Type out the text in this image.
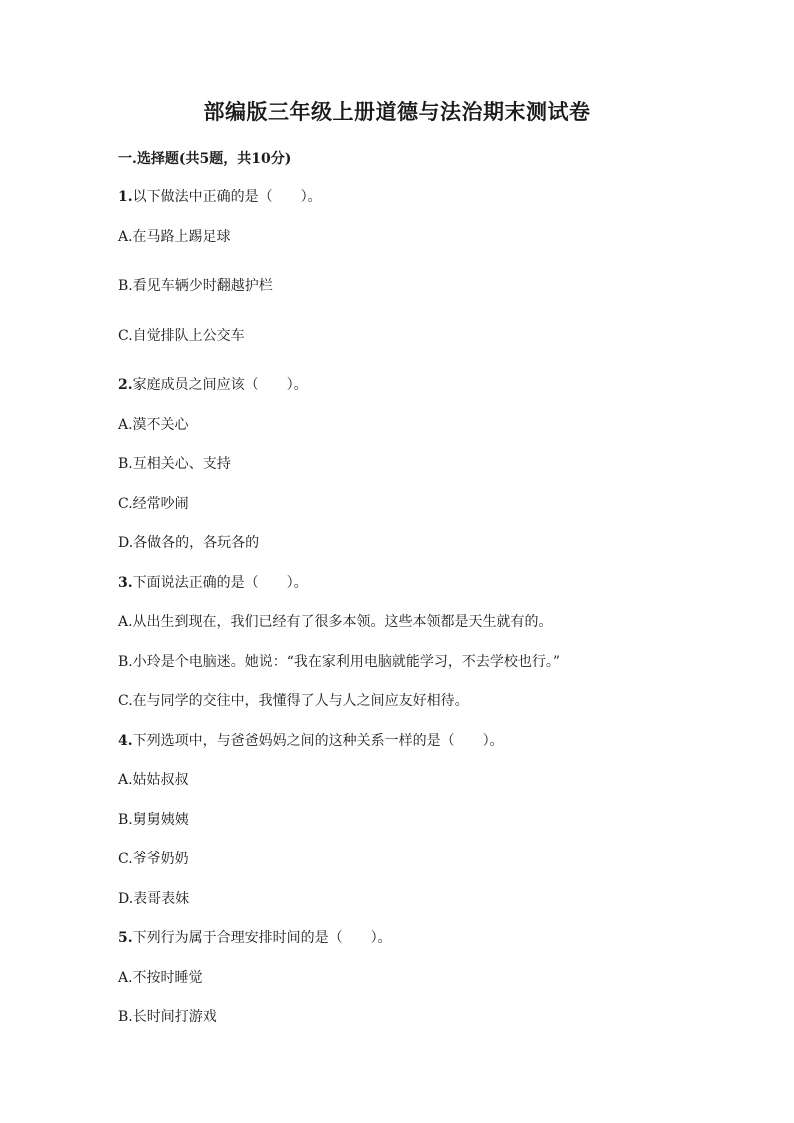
部编版三年级上册道德与法治期末测试卷
一.选择题(共5题，共10分)
1.以下做法中正确的是（　　）。
A.在马路上踢足球
B.看见车辆少时翻越护栏
C.自觉排队上公交车
2.家庭成员之间应该（　　）。
A.漠不关心
B.互相关心、支持
C.经常吵闹
D.各做各的，各玩各的
3.下面说法正确的是（　　）。
A.从出生到现在，我们已经有了很多本领。这些本领都是天生就有的。
B.小玲是个电脑迷。她说：“我在家利用电脑就能学习，不去学校也行。”
C.在与同学的交往中，我懂得了人与人之间应友好相待。
4.下列选项中，与爸爸妈妈之间的这种关系一样的是（　　）。
A.姑姑叔叔
B.舅舅姨姨
C.爷爷奶奶
D.表哥表妹
5.下列行为属于合理安排时间的是（　　）。
A.不按时睡觉
B.长时间打游戏
